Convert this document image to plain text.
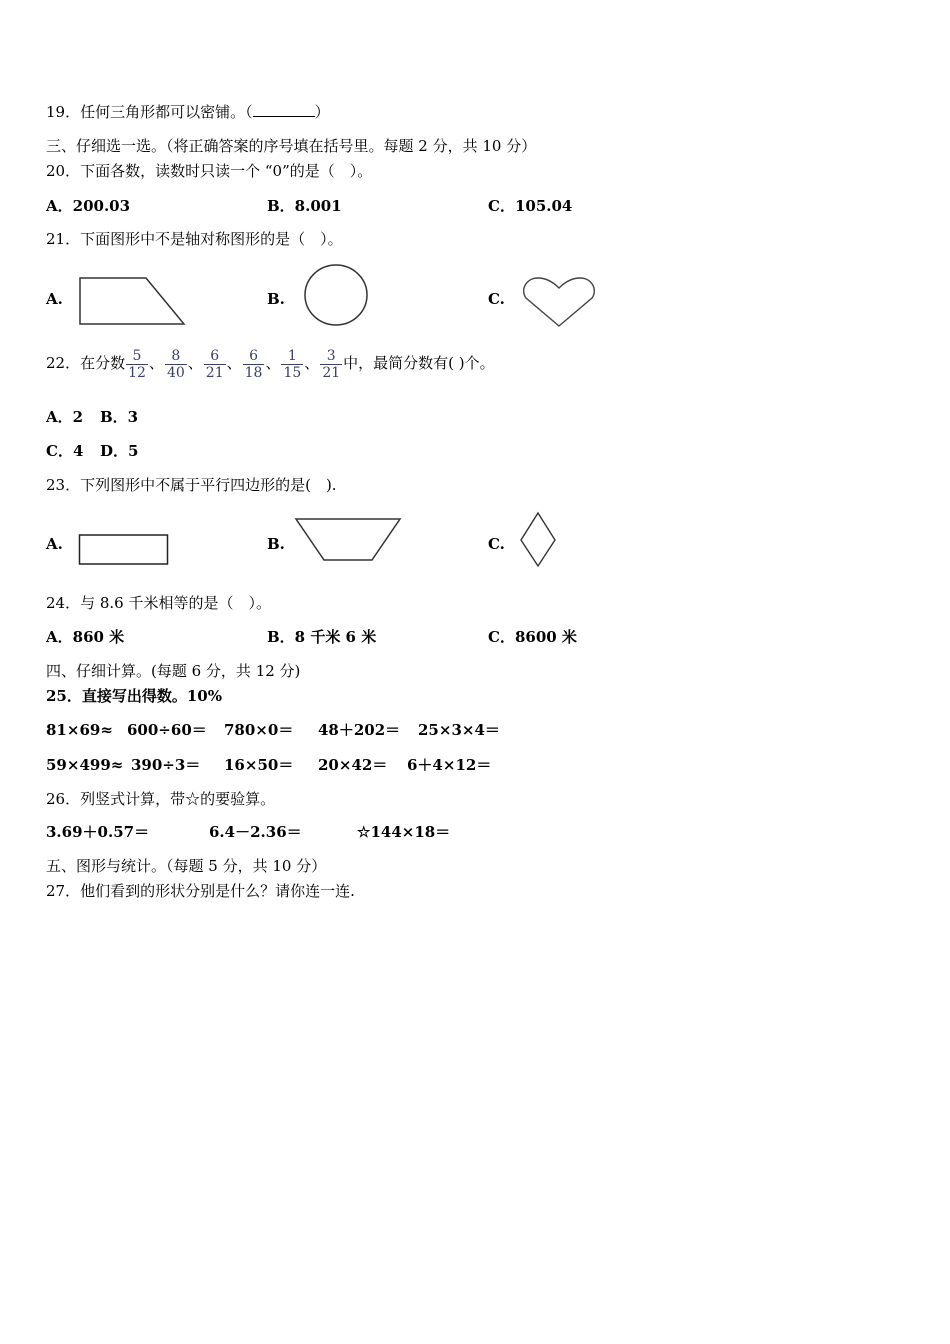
19．任何三角形都可以密铺。（	）
三、仔细选一选。（将正确答案的序号填在括号里。每题 2 分，共 10 分）
20．下面各数，读数时只读一个 “0”的是（　）。
A．200.03	B．8.001	C．105.04
21．下面图形中不是轴对称图形的是（　）。
A.	B.	C.
22．在分数 $\frac{5}{12}$ 、 $\frac{8}{40}$ 、 $\frac{6}{21}$ 、 $\frac{6}{18}$ 、 $\frac{1}{15}$ 、 $\frac{3}{21}$ 中，最简分数有( )个。
A．2 B．3
C．4 D．5
23．下列图形中不属于平行四边形的是(　).
A.	B.	C.
24．与 8.6 千米相等的是（　）。
A．860 米	B．8 千米 6 米	C．8600 米
四、仔细计算。(每题 6 分，共 12 分)
25．直接写出得数。10%
81×69≈ 600÷60＝ 780×0＝ 48＋202＝ 25×3×4＝
59×499≈ 390÷3＝ 16×50＝ 20×42＝ 6＋4×12＝
26．列竖式计算，带☆的要验算。
3.69＋0.57＝	6.4－2.36＝	☆144×18＝
五、图形与统计。（每题 5 分，共 10 分）
27．他们看到的形状分别是什么？请你连一连.
